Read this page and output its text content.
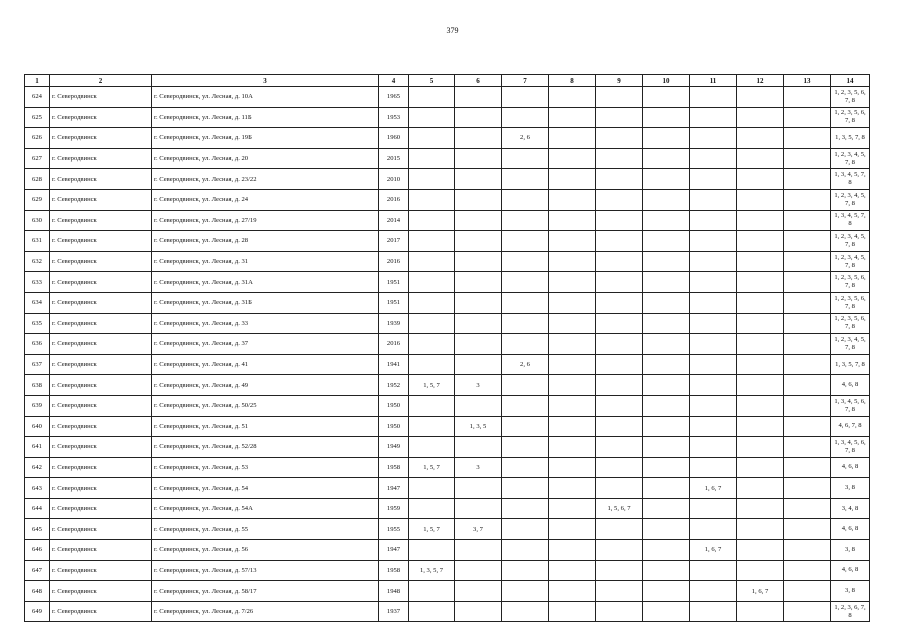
379
1	2	3	4	5	6	7	8	9	10	11	12	13	14
624	г. Северодвинск	г. Северодвинск, ул. Лесная, д. 10А	1965										1, 2, 3, 5, 6, 7, 8
625	г. Северодвинск	г. Северодвинск, ул. Лесная, д. 11Б	1953										1, 2, 3, 5, 6, 7, 8
626	г. Северодвинск	г. Северодвинск, ул. Лесная, д. 19Б	1960			2, 6							1, 3, 5, 7, 8
627	г. Северодвинск	г. Северодвинск, ул. Лесная, д. 20	2015										1, 2, 3, 4, 5, 7, 8
628	г. Северодвинск	г. Северодвинск, ул. Лесная, д. 23/22	2010										1, 3, 4, 5, 7, 8
629	г. Северодвинск	г. Северодвинск, ул. Лесная, д. 24	2016										1, 2, 3, 4, 5, 7, 8
630	г. Северодвинск	г. Северодвинск, ул. Лесная, д. 27/19	2014										1, 3, 4, 5, 7, 8
631	г. Северодвинск	г. Северодвинск, ул. Лесная, д. 28	2017										1, 2, 3, 4, 5, 7, 8
632	г. Северодвинск	г. Северодвинск, ул. Лесная, д. 31	2016										1, 2, 3, 4, 5, 7, 8
633	г. Северодвинск	г. Северодвинск, ул. Лесная, д. 31А	1951										1, 2, 3, 5, 6, 7, 8
634	г. Северодвинск	г. Северодвинск, ул. Лесная, д. 31Б	1951										1, 2, 3, 5, 6, 7, 8
635	г. Северодвинск	г. Северодвинск, ул. Лесная, д. 33	1939										1, 2, 3, 5, 6, 7, 8
636	г. Северодвинск	г. Северодвинск, ул. Лесная, д. 37	2016										1, 2, 3, 4, 5, 7, 8
637	г. Северодвинск	г. Северодвинск, ул. Лесная, д. 41	1941			2, 6							1, 3, 5, 7, 8
638	г. Северодвинск	г. Северодвинск, ул. Лесная, д. 49	1952	1, 5, 7	3								4, 6, 8
639	г. Северодвинск	г. Северодвинск, ул. Лесная, д. 50/25	1950										1, 3, 4, 5, 6, 7, 8
640	г. Северодвинск	г. Северодвинск, ул. Лесная, д. 51	1950		1, 3, 5								4, 6, 7, 8
641	г. Северодвинск	г. Северодвинск, ул. Лесная, д. 52/28	1949										1, 3, 4, 5, 6, 7, 8
642	г. Северодвинск	г. Северодвинск, ул. Лесная, д. 53	1958	1, 5, 7	3								4, 6, 8
643	г. Северодвинск	г. Северодвинск, ул. Лесная, д. 54	1947							1, 6, 7			3, 8
644	г. Северодвинск	г. Северодвинск, ул. Лесная, д. 54А	1959					1, 5, 6, 7					3, 4, 8
645	г. Северодвинск	г. Северодвинск, ул. Лесная, д. 55	1955	1, 5, 7	3, 7								4, 6, 8
646	г. Северодвинск	г. Северодвинск, ул. Лесная, д. 56	1947							1, 6, 7			3, 8
647	г. Северодвинск	г. Северодвинск, ул. Лесная, д. 57/13	1958	1, 3, 5, 7									4, 6, 8
648	г. Северодвинск	г. Северодвинск, ул. Лесная, д. 58/17	1948								1, 6, 7		3, 8
649	г. Северодвинск	г. Северодвинск, ул. Лесная, д. 7/26	1937										1, 2, 3, 6, 7, 8
